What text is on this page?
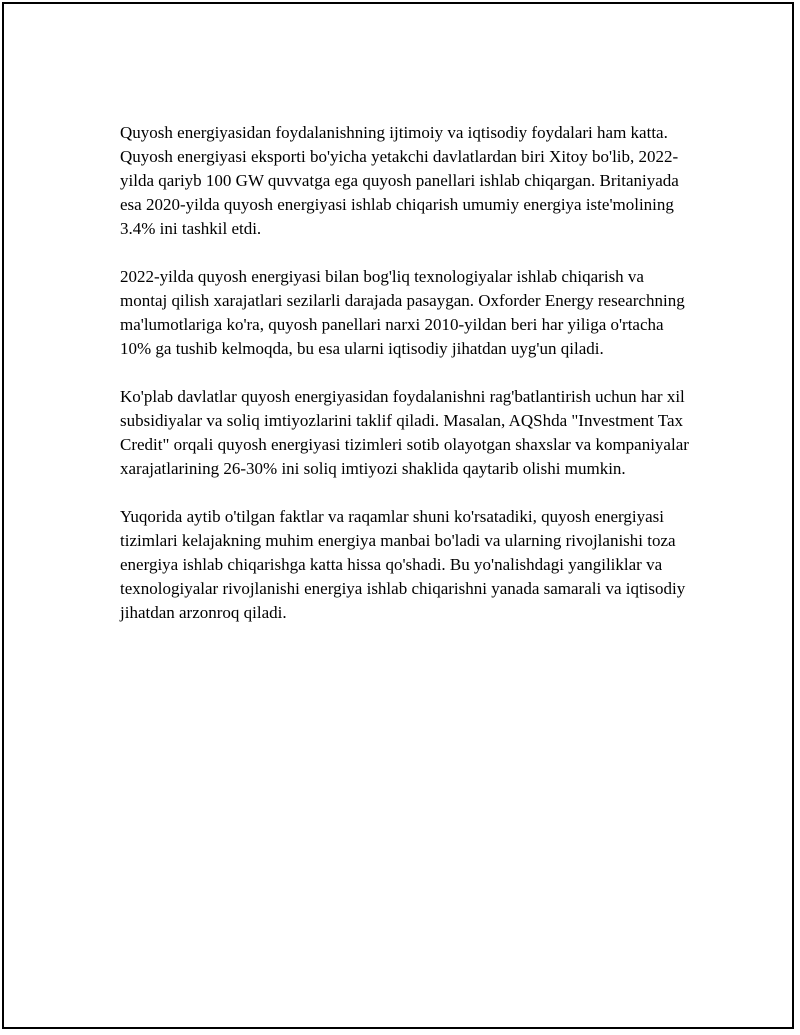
Quyosh energiyasidan foydalanishning ijtimoiy va iqtisodiy foydalari ham katta. Quyosh energiyasi eksporti bo'yicha yetakchi davlatlardan biri Xitoy bo'lib, 2022-yilda qariyb 100 GW quvvatga ega quyosh panellari ishlab chiqargan. Britaniyada esa 2020-yilda quyosh energiyasi ishlab chiqarish umumiy energiya iste'molining 3.4% ini tashkil etdi.

2022-yilda quyosh energiyasi bilan bog'liq texnologiyalar ishlab chiqarish va montaj qilish xarajatlari sezilarli darajada pasaygan. Oxforder Energy researchning ma'lumotlariga ko'ra, quyosh panellari narxi 2010-yildan beri har yiliga o'rtacha 10% ga tushib kelmoqda, bu esa ularni iqtisodiy jihatdan uyg'un qiladi.

Ko'plab davlatlar quyosh energiyasidan foydalanishni rag'batlantirish uchun har xil subsidiyalar va soliq imtiyozlarini taklif qiladi. Masalan, AQShda "Investment Tax Credit" orqali quyosh energiyasi tizimleri sotib olayotgan shaxslar va kompaniyalar xarajatlarining 26-30% ini soliq imtiyozi shaklida qaytarib olishi mumkin.

Yuqorida aytib o'tilgan faktlar va raqamlar shuni ko'rsatadiki, quyosh energiyasi tizimlari kelajakning muhim energiya manbai bo'ladi va ularning rivojlanishi toza energiya ishlab chiqarishga katta hissa qo'shadi. Bu yo'nalishdagi yangiliklar va texnologiyalar rivojlanishi energiya ishlab chiqarishni yanada samarali va iqtisodiy jihatdan arzonroq qiladi.
